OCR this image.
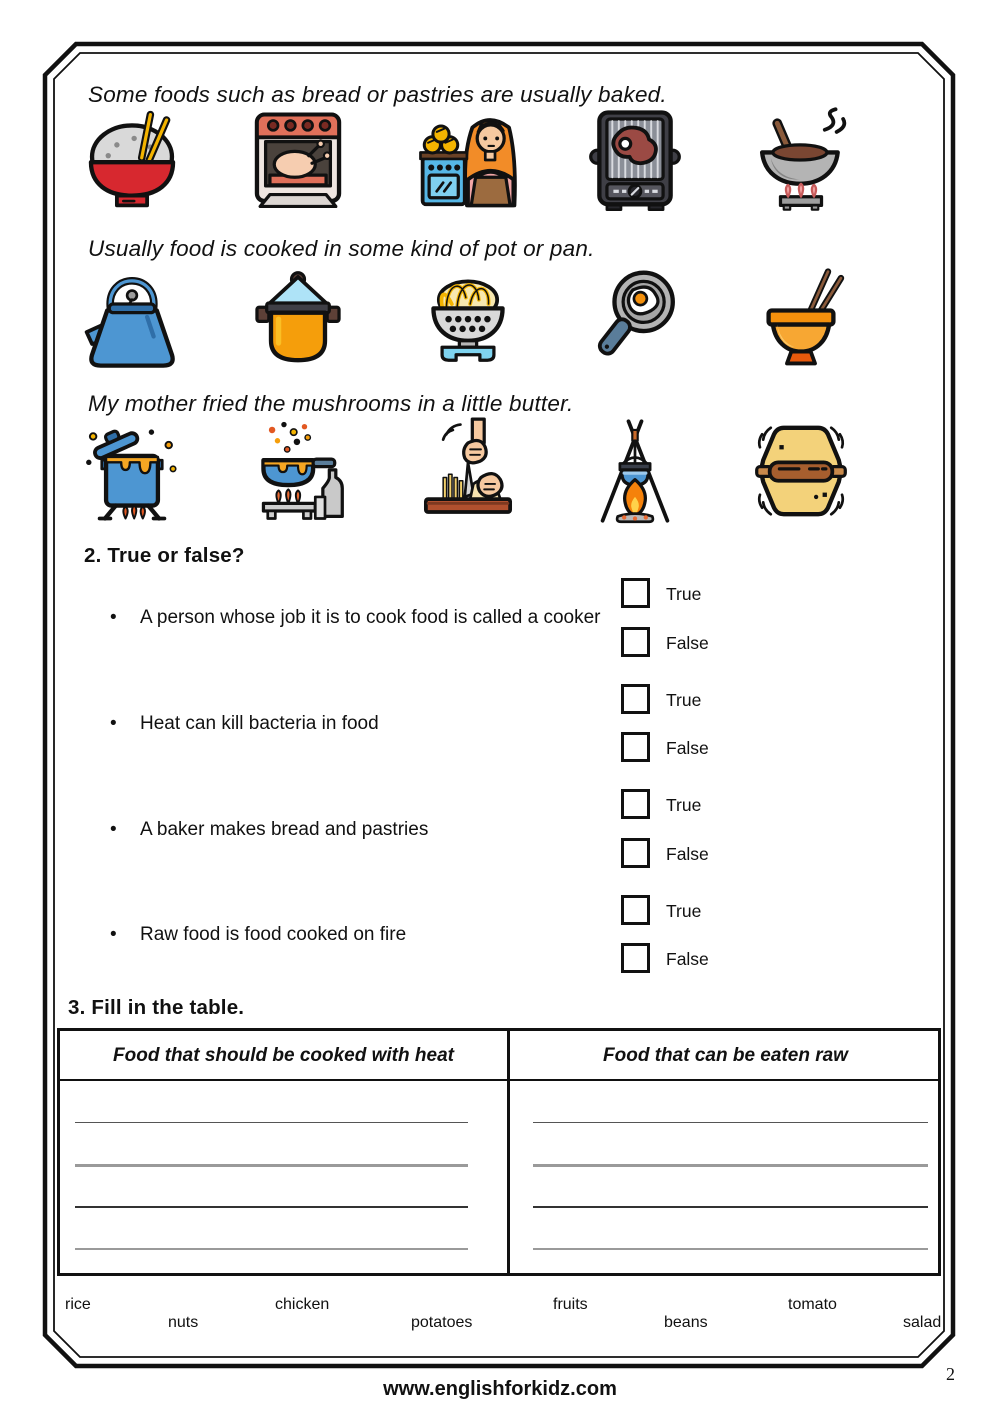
Some foods such as bread or pastries are usually baked.
Usually food is cooked in some kind of pot or pan.
My mother fried the mushrooms in a little butter.
2. True or false?
• A person whose job it is to cook food is called a cooker
True
False
• Heat can kill bacteria in food
True
False
• A baker makes bread and pastries
True
False
• Raw food is food cooked on fire
True
False
3. Fill in the table.
Food that should be cooked with heat	Food that can be eaten raw
rice
nuts
chicken
potatoes
fruits
beans
tomato
salad
www.englishforkidz.com
2
